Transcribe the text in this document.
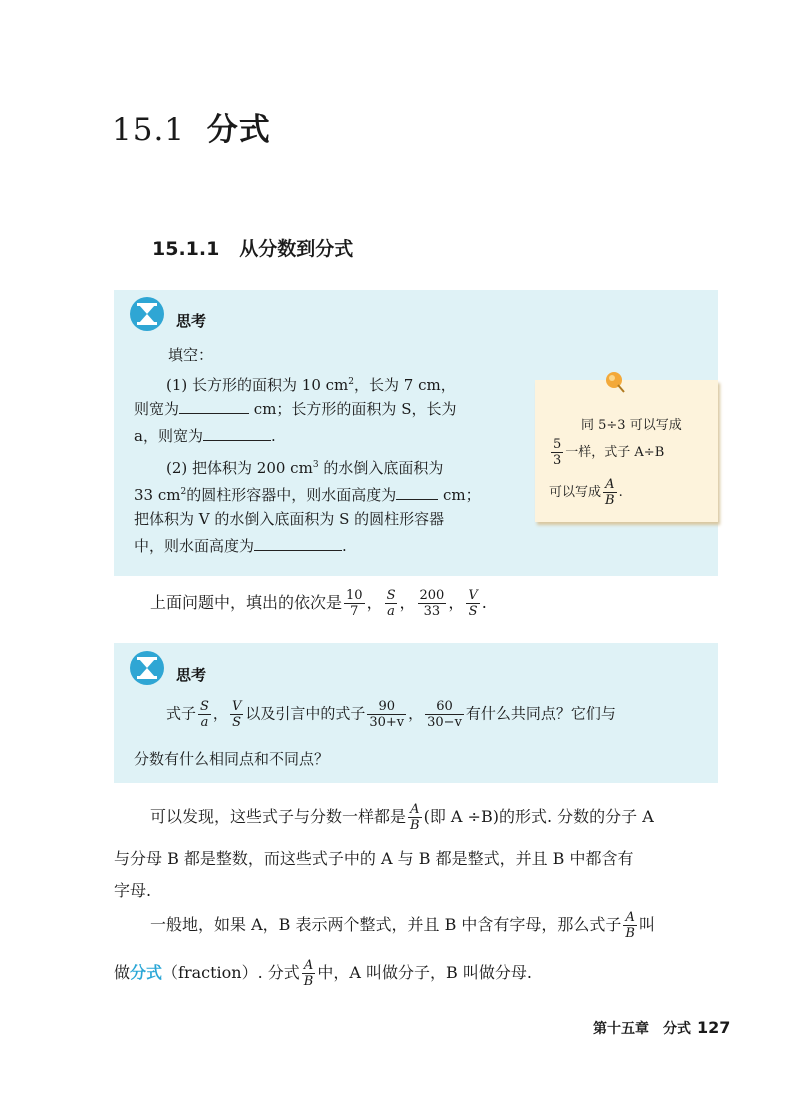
15.1 分式
15.1.1 从分数到分式
思考
填空：
(1) 长方形的面积为 10 $cm^2$，长为 7 cm，
则宽为	cm；长方形的面积为 S，长为
a，则宽为	.
(2) 把体积为 200 $cm^3$ 的水倒入底面积为
33 $cm^2$的圆柱形容器中，则水面高度为	cm；
把体积为 V 的水倒入底面积为 S 的圆柱形容器
中，则水面高度为	.
同 5÷3 可以写成
$\frac{5}{3}$ 一样，式子 A÷B
可以写成 $\frac{A}{B}$ .
上面问题中，填出的依次是 $\frac{10}{7}$ ， $\frac{S}{a}$ ， $\frac{200}{33}$ ， $\frac{V}{S}$ .
思考
式子 $\frac{S}{a}$ ， $\frac{V}{S}$ 以及引言中的式子 $\frac{90}{30+v}$ ， $\frac{60}{30-v}$ 有什么共同点？它们与
分数有什么相同点和不同点？
可以发现，这些式子与分数一样都是 $\frac{A}{B}$ (即 A ÷B)的形式. 分数的分子 A
与分母 B 都是整数，而这些式子中的 A 与 B 都是整式，并且 B 中都含有
字母.
一般地，如果 A，B 表示两个整式，并且 B 中含有字母，那么式子 $\frac{A}{B}$ 叫
做分式（fraction）. 分式 $\frac{A}{B}$ 中，A 叫做分子，B 叫做分母.
第十五章　分式 127
